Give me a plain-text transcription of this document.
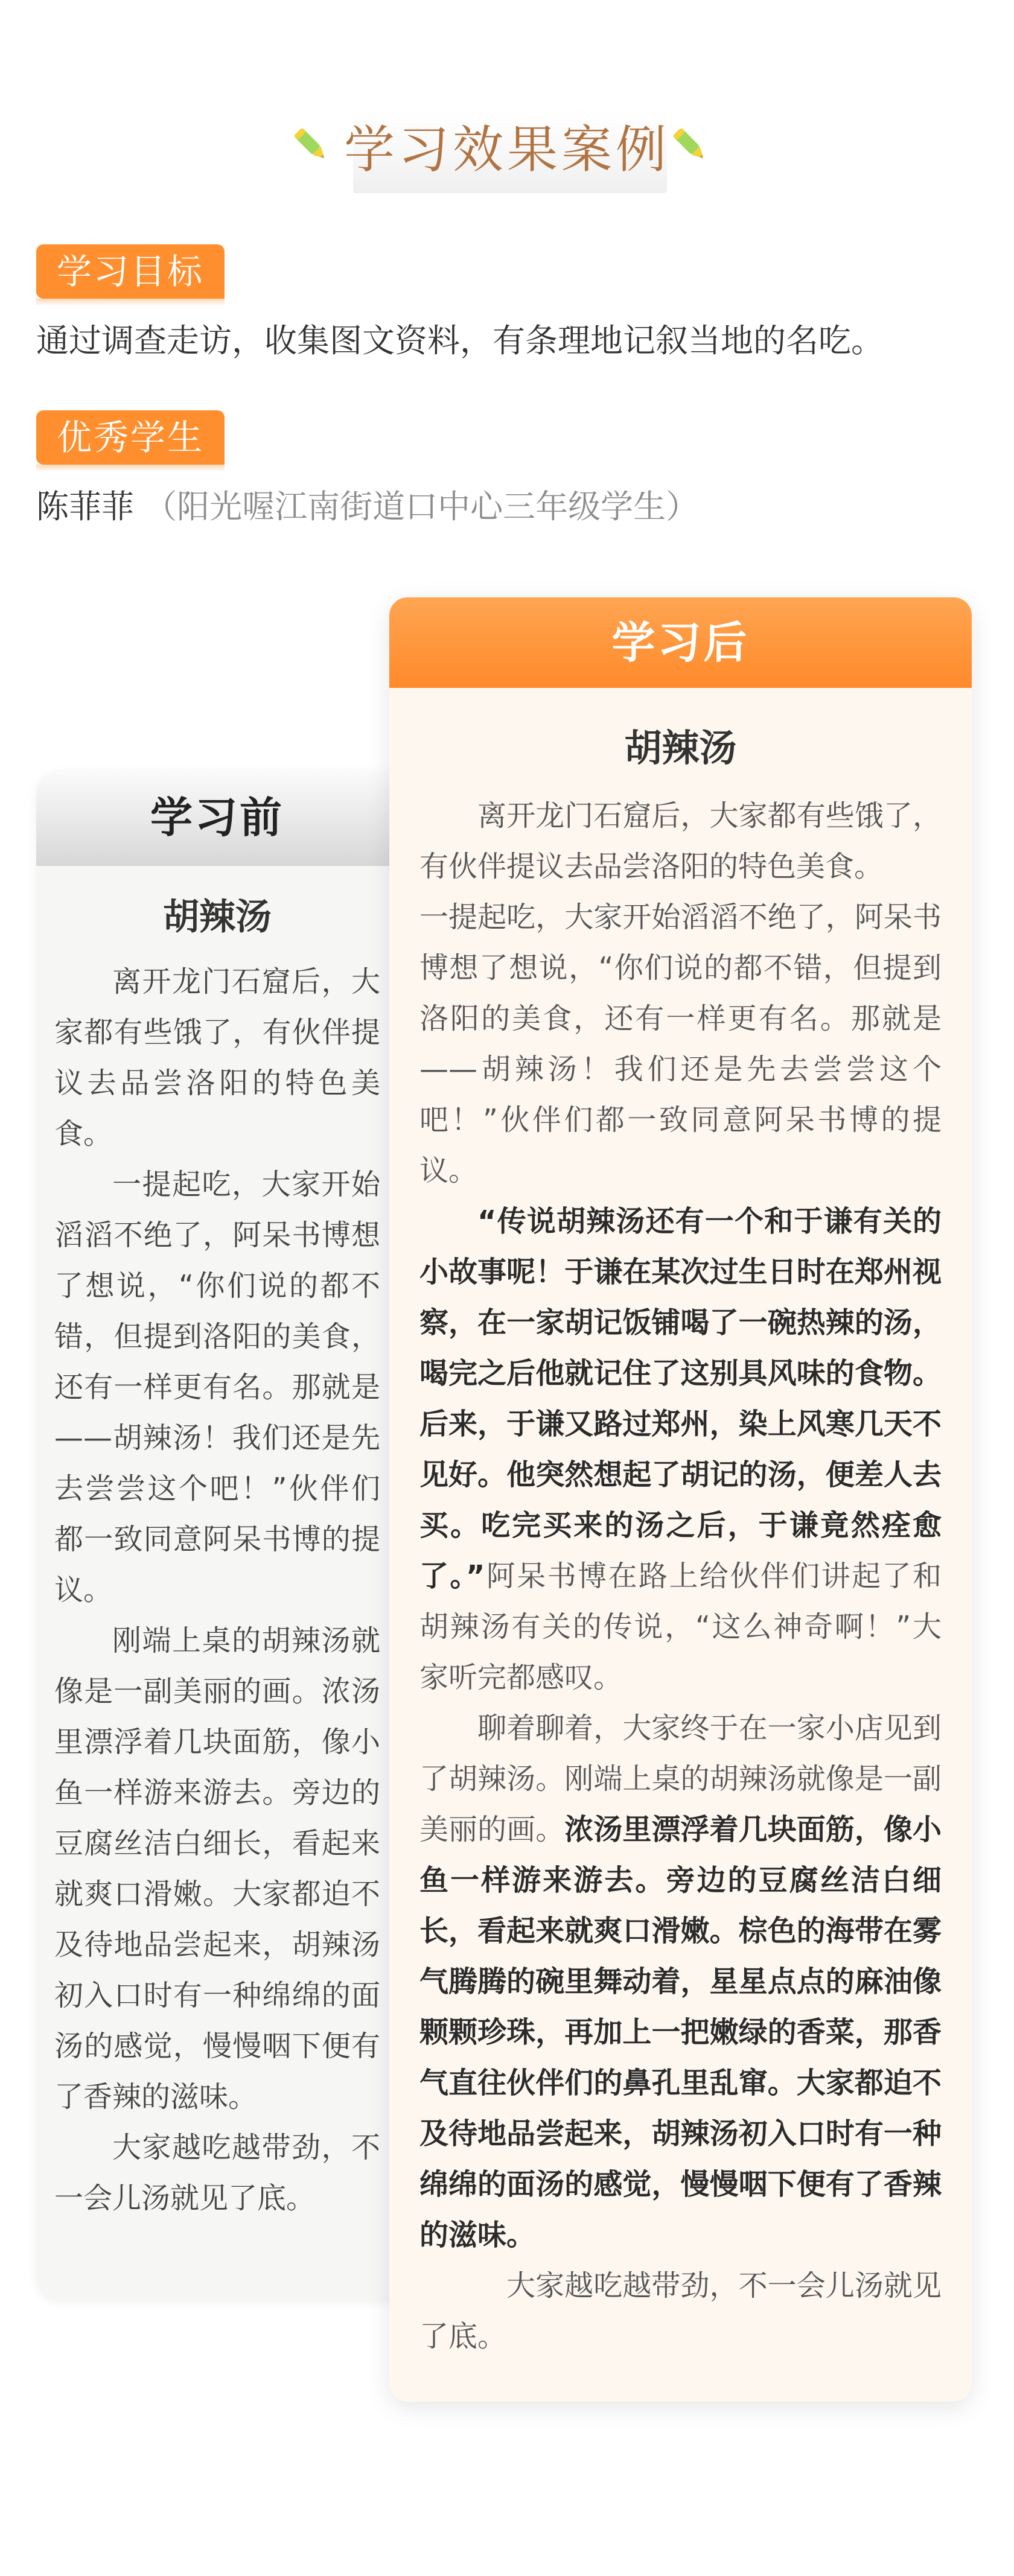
学习效果案例
学习目标
通过调查走访，收集图文资料，有条理地记叙当地的名吃。
优秀学生
陈菲菲 （阳光喔江南街道口中心三年级学生）
学习前
胡辣汤

离开龙门石窟后，大家都有些饿了，有伙伴提议去品尝洛阳的特色美食。

一提起吃，大家开始滔滔不绝了，阿呆书博想了想说，“你们说的都不错，但提到洛阳的美食，还有一样更有名。那就是——胡辣汤！我们还是先去尝尝这个吧！”伙伴们都一致同意阿呆书博的提议。

刚端上桌的胡辣汤就像是一副美丽的画。浓汤里漂浮着几块面筋，像小鱼一样游来游去。旁边的豆腐丝洁白细长，看起来就爽口滑嫩。大家都迫不及待地品尝起来，胡辣汤初入口时有一种绵绵的面汤的感觉，慢慢咽下便有了香辣的滋味。

大家越吃越带劲，不一会儿汤就见了底。

学习后
胡辣汤

离开龙门石窟后，大家都有些饿了，有伙伴提议去品尝洛阳的特色美食。

一提起吃，大家开始滔滔不绝了，阿呆书博想了想说，“你们说的都不错，但提到洛阳的美食，还有一样更有名。那就是——胡辣汤！我们还是先去尝尝这个吧！”伙伴们都一致同意阿呆书博的提议。

“传说胡辣汤还有一个和于谦有关的小故事呢！于谦在某次过生日时在郑州视察，在一家胡记饭铺喝了一碗热辣的汤，喝完之后他就记住了这别具风味的食物。后来，于谦又路过郑州，染上风寒几天不见好。他突然想起了胡记的汤，便差人去买。吃完买来的汤之后，于谦竟然痊愈了。”阿呆书博在路上给伙伴们讲起了和胡辣汤有关的传说，“这么神奇啊！”大家听完都感叹。

聊着聊着，大家终于在一家小店见到了胡辣汤。刚端上桌的胡辣汤就像是一副美丽的画。浓汤里漂浮着几块面筋，像小鱼一样游来游去。旁边的豆腐丝洁白细长，看起来就爽口滑嫩。棕色的海带在雾气腾腾的碗里舞动着，星星点点的麻油像颗颗珍珠，再加上一把嫩绿的香菜，那香气直往伙伴们的鼻孔里乱窜。大家都迫不及待地品尝起来，胡辣汤初入口时有一种绵绵的面汤的感觉，慢慢咽下便有了香辣的滋味。

大家越吃越带劲，不一会儿汤就见了底。
